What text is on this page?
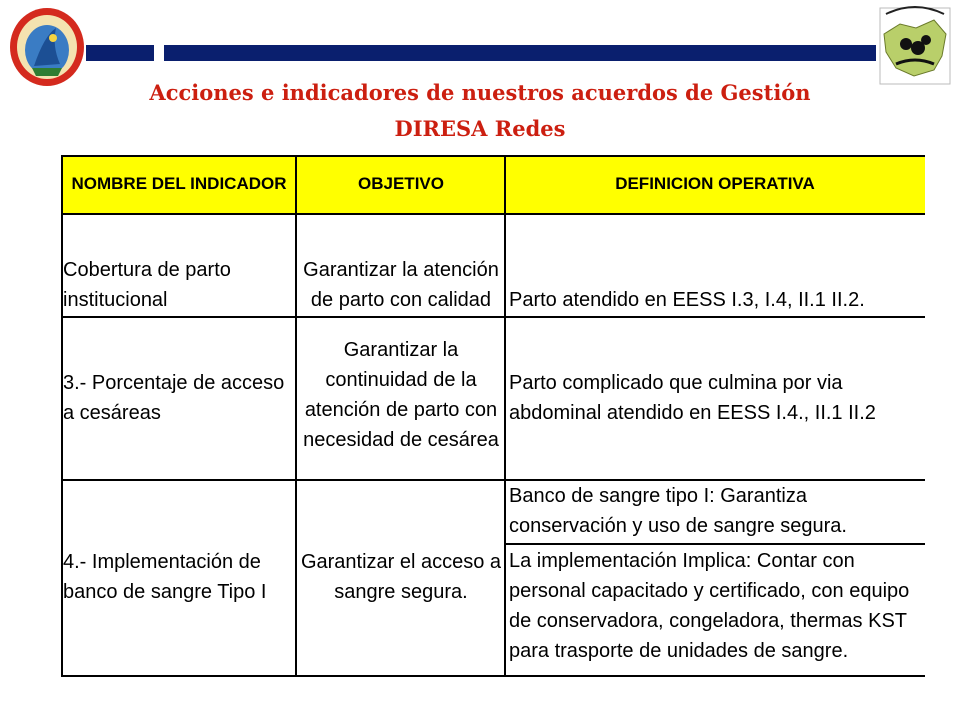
Acciones e indicadores de nuestros acuerdos de Gestión
DIRESA Redes
NOMBRE DEL INDICADOR	OBJETIVO	DEFINICION OPERATIVA
Cobertura de parto
institucional
Garantizar la atención
de parto con calidad Parto atendido en EESS I.3, I.4, II.1 II.2.
3.- Porcentaje de acceso
a cesáreas
Garantizar la
continuidad de la
atención de parto con
necesidad de cesárea
Parto complicado que culmina por via
abdominal atendido en EESS I.4., II.1 II.2
4.- Implementación de
banco de sangre Tipo I
Garantizar el acceso a
sangre segura.
Banco de sangre tipo I: Garantiza
conservación y uso de sangre segura.
La implementación Implica: Contar con
personal capacitado y certificado, con equipo
de conservadora, congeladora, thermas KST
para trasporte de unidades de sangre.
